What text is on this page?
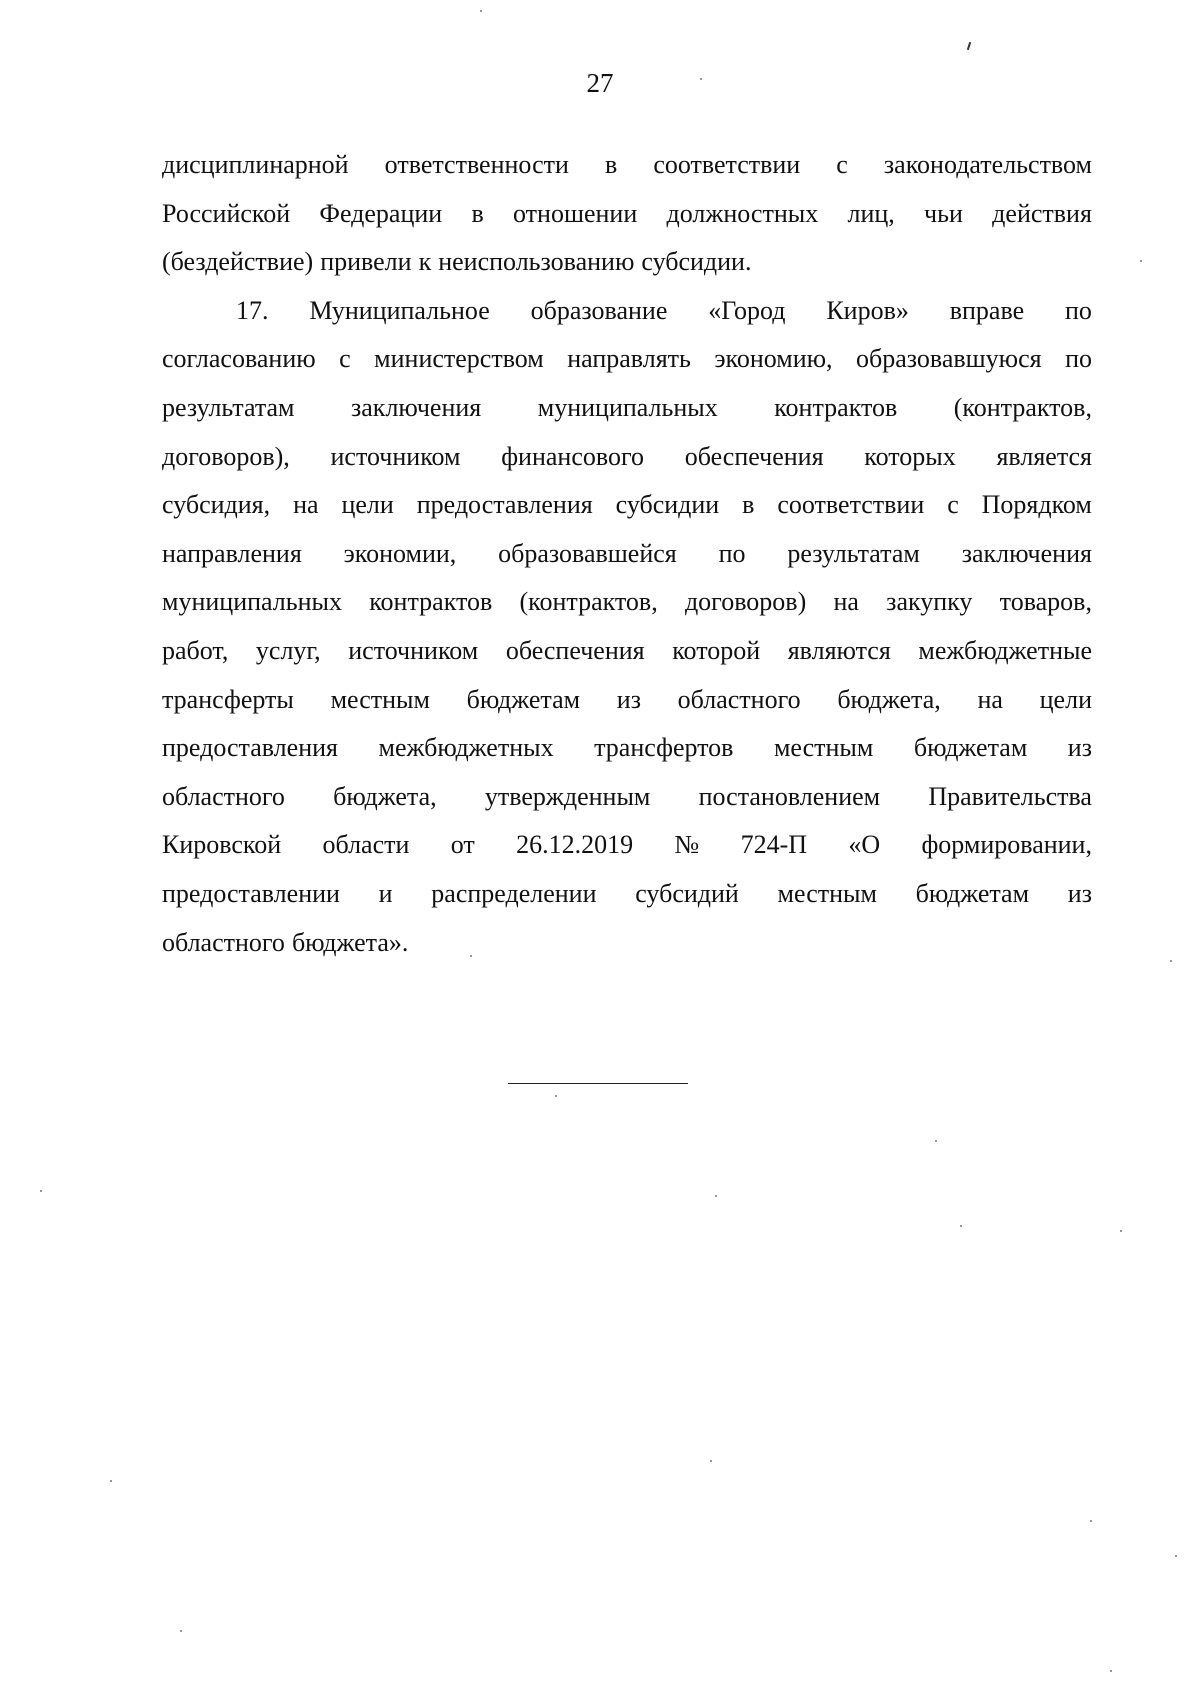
27
дисциплинарной ответственности в соответствии с законодательством
Российской Федерации в отношении должностных лиц, чьи действия
(бездействие) привели к неиспользованию субсидии.
17. Муниципальное образование «Город Киров» вправе по
согласованию с министерством направлять экономию, образовавшуюся по
результатам заключения муниципальных контрактов (контрактов,
договоров), источником финансового обеспечения которых является
субсидия, на цели предоставления субсидии в соответствии с Порядком
направления экономии, образовавшейся по результатам заключения
муниципальных контрактов (контрактов, договоров) на закупку товаров,
работ, услуг, источником обеспечения которой являются межбюджетные
трансферты местным бюджетам из областного бюджета, на цели
предоставления межбюджетных трансфертов местным бюджетам из
областного бюджета, утвержденным постановлением Правительства
Кировской области от 26.12.2019 № 724-П «О формировании,
предоставлении и распределении субсидий местным бюджетам из
областного бюджета».
